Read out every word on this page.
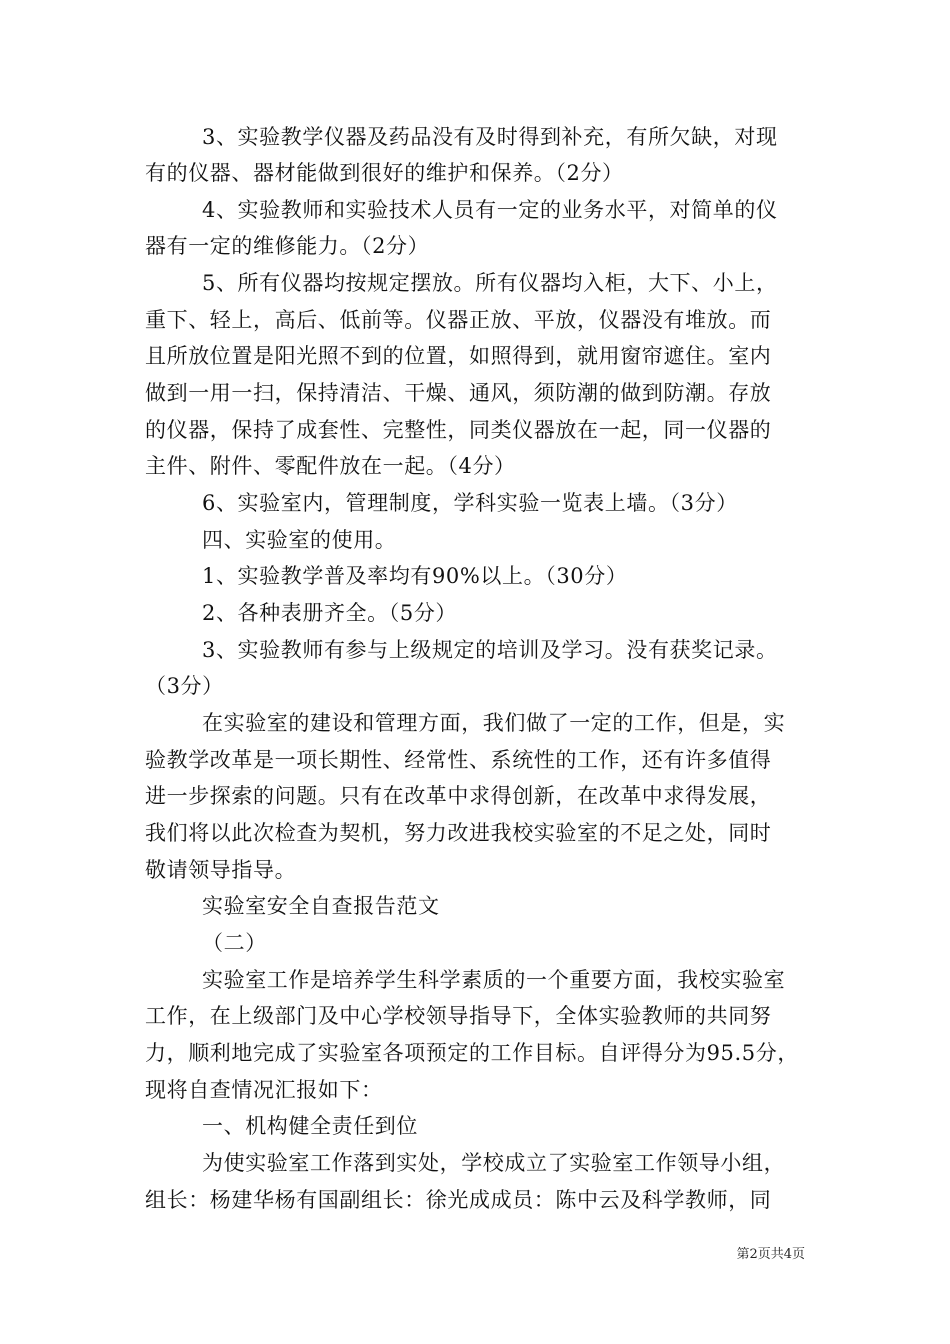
3、实验教学仪器及药品没有及时得到补充，有所欠缺，对现
有的仪器、器材能做到很好的维护和保养。（2分）
4、实验教师和实验技术人员有一定的业务水平，对简单的仪
器有一定的维修能力。（2分）
5、所有仪器均按规定摆放。所有仪器均入柜，大下、小上，
重下、轻上，高后、低前等。仪器正放、平放，仪器没有堆放。而
且所放位置是阳光照不到的位置，如照得到，就用窗帘遮住。室内
做到一用一扫，保持清洁、干燥、通风，须防潮的做到防潮。存放
的仪器，保持了成套性、完整性，同类仪器放在一起，同一仪器的
主件、附件、零配件放在一起。（4分）
6、实验室内，管理制度，学科实验一览表上墙。（3分）
四、实验室的使用。
1、实验教学普及率均有90%以上。（30分）
2、各种表册齐全。（5分）
3、实验教师有参与上级规定的培训及学习。没有获奖记录。
（3分）
在实验室的建设和管理方面，我们做了一定的工作，但是，实
验教学改革是一项长期性、经常性、系统性的工作，还有许多值得
进一步探索的问题。只有在改革中求得创新，在改革中求得发展，
我们将以此次检查为契机，努力改进我校实验室的不足之处，同时
敬请领导指导。
实验室安全自查报告范文
（二）
实验室工作是培养学生科学素质的一个重要方面，我校实验室
工作，在上级部门及中心学校领导指导下，全体实验教师的共同努
力，顺利地完成了实验室各项预定的工作目标。自评得分为95.5分，
现将自查情况汇报如下：
一、机构健全责任到位
为使实验室工作落到实处，学校成立了实验室工作领导小组，
组长：杨建华杨有国副组长：徐光成成员：陈中云及科学教师，同
第2页共4页
